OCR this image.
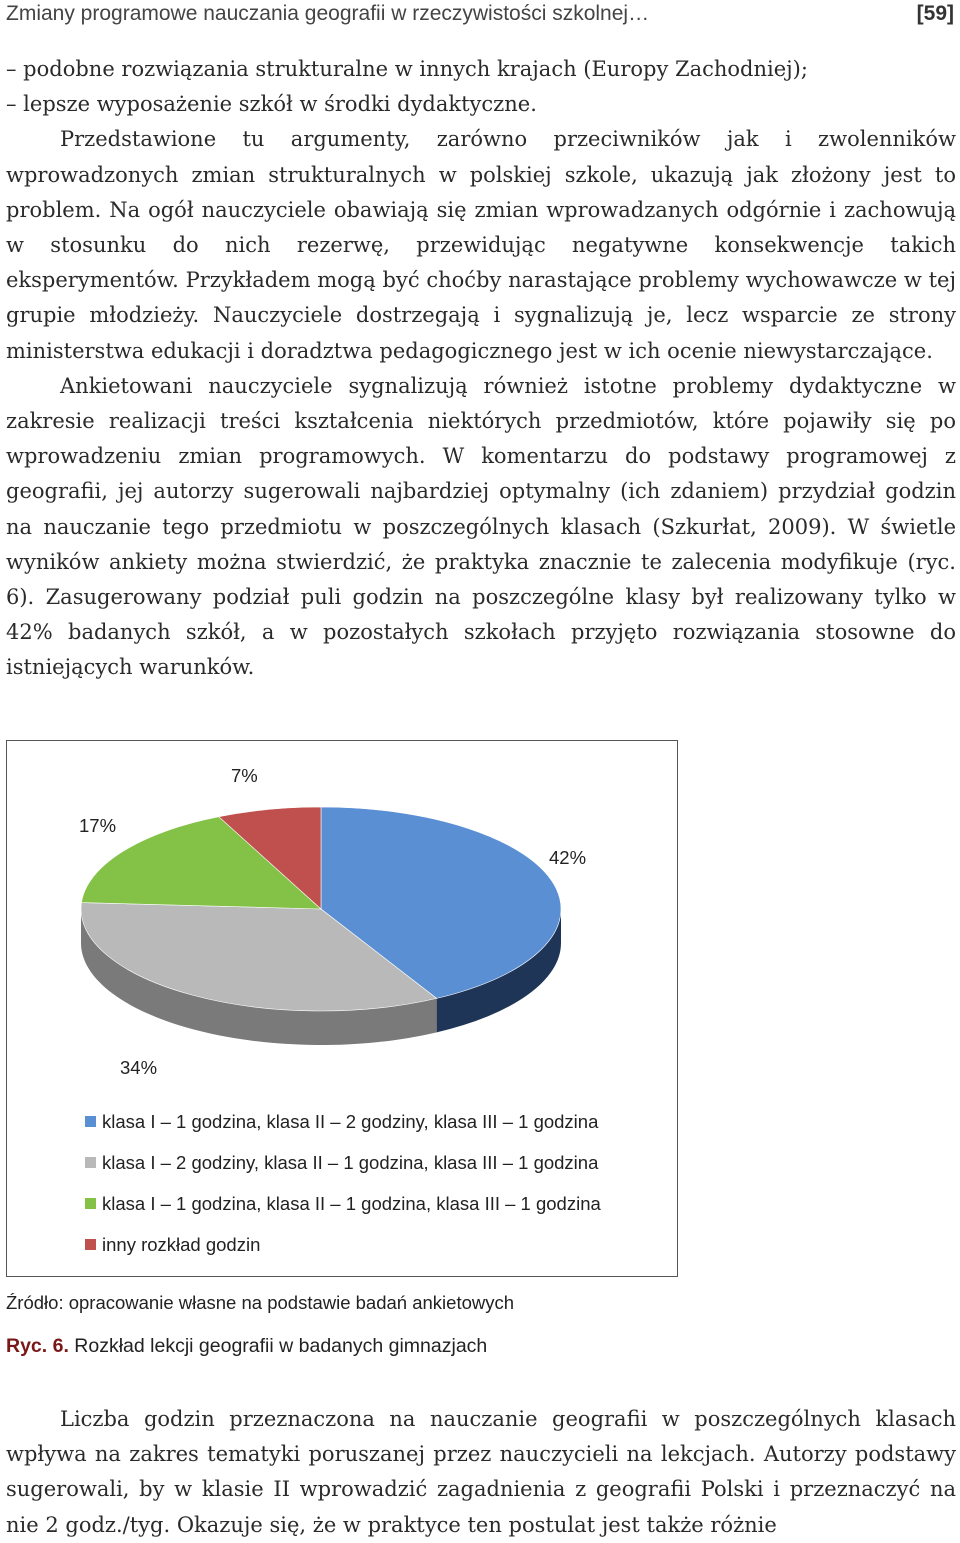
Zmiany programowe nauczania geografii w rzeczywistości szkolnej…	[59]
– podobne rozwiązania strukturalne w innych krajach (Europy Zachodniej);
– lepsze wyposażenie szkół w środki dydaktyczne.

Przedstawione tu argumenty, zarówno przeciwników jak i zwolenników wprowadzonych zmian strukturalnych w polskiej szkole, ukazują jak złożony jest to problem. Na ogół nauczyciele obawiają się zmian wprowadzanych odgórnie i zachowują w stosunku do nich rezerwę, przewidując negatywne konsekwencje takich eksperymentów. Przykładem mogą być choćby narastające problemy wychowawcze w tej grupie młodzieży. Nauczyciele dostrzegają i sygnalizują je, lecz wsparcie ze strony ministerstwa edukacji i doradztwa pedagogicznego jest w ich ocenie niewystarczające.

Ankietowani nauczyciele sygnalizują również istotne problemy dydaktyczne w zakresie realizacji treści kształcenia niektórych przedmiotów, które pojawiły się po wprowadzeniu zmian programowych. W komentarzu do podstawy programowej z geografii, jej autorzy sugerowali najbardziej optymalny (ich zdaniem) przydział godzin na nauczanie tego przedmiotu w poszczególnych klasach (Szkurłat, 2009). W świetle wyników ankiety można stwierdzić, że praktyka znacznie te zalecenia modyfikuje (ryc. 6). Zasugerowany podział puli godzin na poszczególne klasy był realizowany tylko w 42% badanych szkół, a w pozostałych szkołach przyjęto rozwiązania stosowne do istniejących warunków.

42%
34%
17%
7%
klasa I – 1 godzina, klasa II – 2 godziny, klasa III – 1 godzina
klasa I – 2 godziny, klasa II – 1 godzina, klasa III – 1 godzina
klasa I – 1 godzina, klasa II – 1 godzina, klasa III – 1 godzina
inny rozkład godzin
Źródło: opracowanie własne na podstawie badań ankietowych
Ryc. 6. Rozkład lekcji geografii w badanych gimnazjach

Liczba godzin przeznaczona na nauczanie geografii w poszczególnych klasach wpływa na zakres tematyki poruszanej przez nauczycieli na lekcjach. Autorzy podstawy sugerowali, by w klasie II wprowadzić zagadnienia z geografii Polski i przeznaczyć na nie 2 godz./tyg. Okazuje się, że w praktyce ten postulat jest także różnie
